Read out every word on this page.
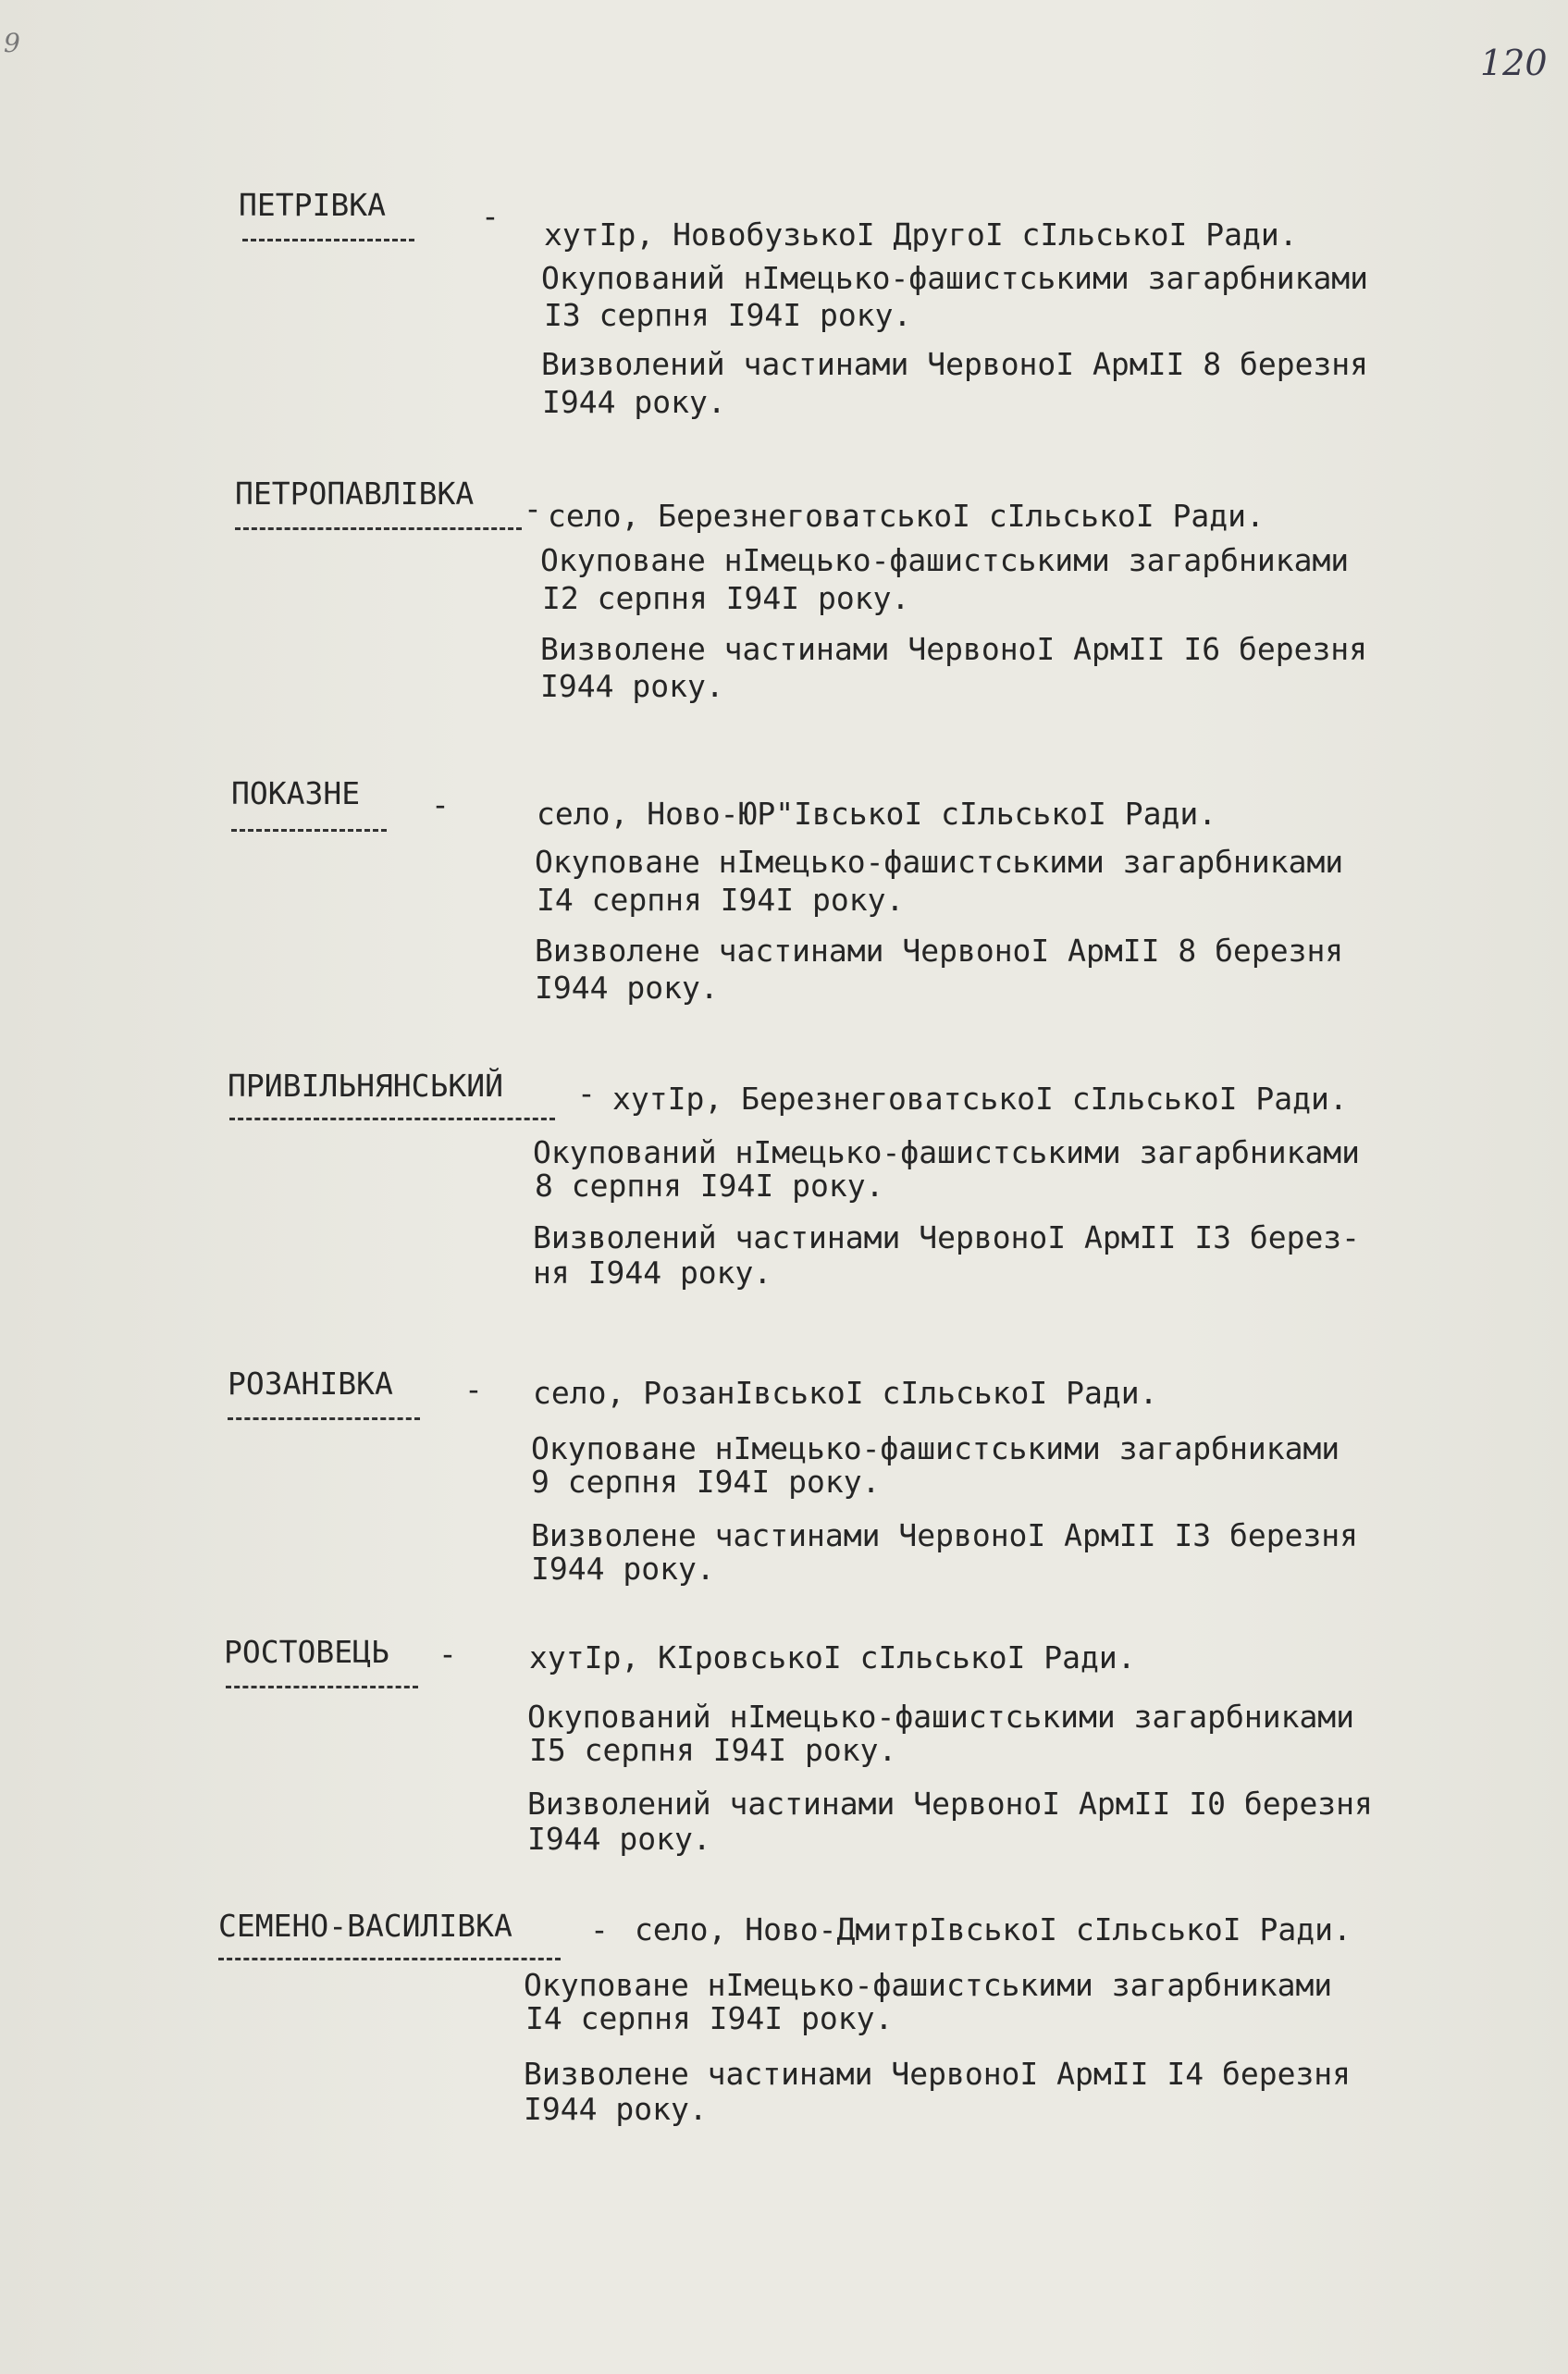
9	120
ПЕТРІВКА	-
хутІр, НовобузькоІ ДругоІ сІльськоІ Ради.
Окупований нІмецько-фашистськими загарбниками
І3 серпня І94І року.
Визволений частинами ЧервоноІ АрмІІ 8 березня
І944 року.
ПЕТРОПАВЛІВКА - село, БерезнеговатськоІ сІльськоІ Ради.
Окуповане нІмецько-фашистськими загарбниками
І2 серпня І94І року.
Визволене частинами ЧервоноІ АрмІІ І6 березня
І944 року.
ПОКАЗНЕ -	село, Ново-ЮР"ІвськоІ сІльськоІ Ради.
Окуповане нІмецько-фашистськими загарбниками
І4 серпня І94І року.
Визволене частинами ЧервоноІ АрмІІ 8 березня
І944 року.
ПРИВІЛЬНЯНСЬКИЙ - хутІр, БерезнеговатськоІ сІльськоІ Ради.
Окупований нІмецько-фашистськими загарбниками
8 серпня І94І року.
Визволений частинами ЧервоноІ АрмІІ І3 берез-
ня І944 року.
РОЗАНІВКА - село, РозанІвськоІ сІльськоІ Ради.
Окуповане нІмецько-фашистськими загарбниками
9 серпня І94І року.
Визволене частинами ЧервоноІ АрмІІ І3 березня
І944 року.
РОСТОВЕЦЬ - хутІр, КІровськоІ сІльськоІ Ради.
Окупований нІмецько-фашистськими загарбниками
І5 серпня І94І року.
Визволений частинами ЧервоноІ АрмІІ І0 березня
І944 року.
СЕМЕНО-ВАСИЛІВКА	- село, Ново-ДмитрІвськоІ сІльськоІ Ради.
Окуповане нІмецько-фашистськими загарбниками
І4 серпня І94І року.
Визволене частинами ЧервоноІ АрмІІ І4 березня
І944 року.
